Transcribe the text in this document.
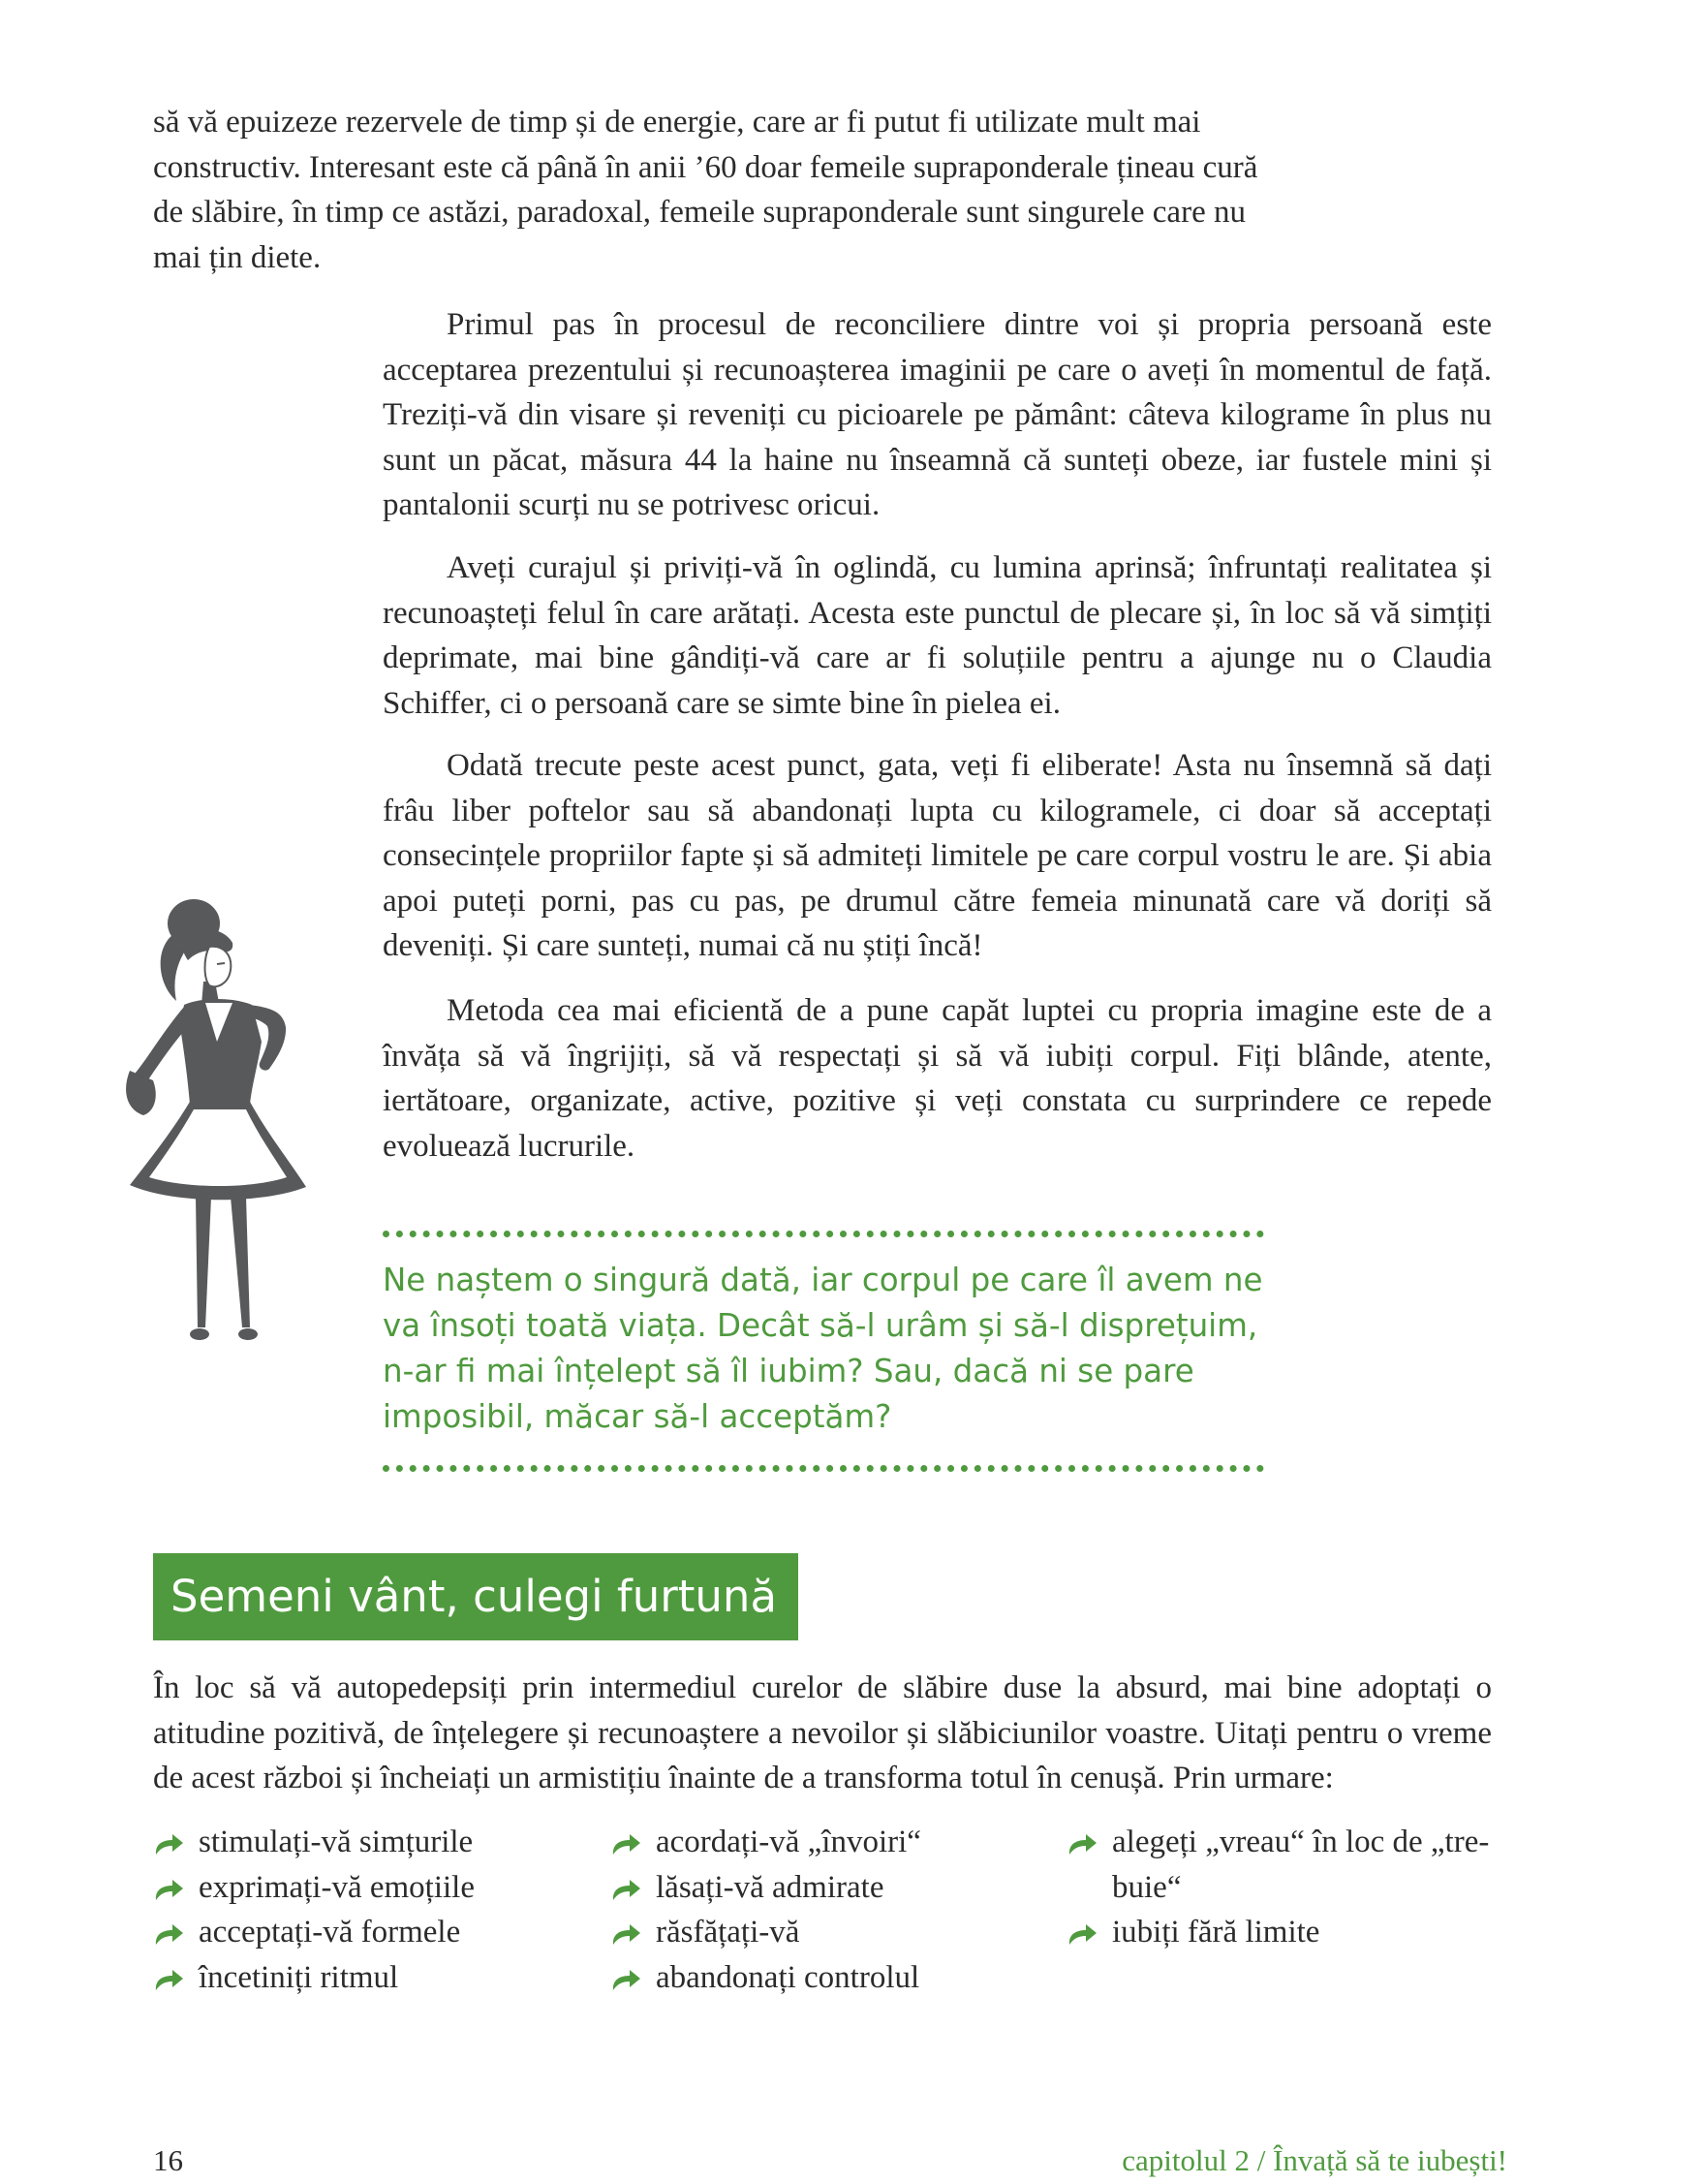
să vă epuizeze rezervele de timp și de energie, care ar fi putut fi utilizate mult mai constructiv. Interesant este că până în anii ’60 doar femeile supraponderale țineau cură de slăbire, în timp ce astăzi, paradoxal, femeile supraponderale sunt singurele care nu mai țin diete.

Primul pas în procesul de reconciliere dintre voi și propria persoană este acceptarea prezentului și recunoașterea imaginii pe care o aveți în momentul de față. Treziți-vă din visare și reveniți cu picioarele pe pământ: câteva kilograme în plus nu sunt un păcat, măsura 44 la haine nu înseamnă că sunteți obeze, iar fustele mini și pantalonii scurți nu se potrivesc oricui.

Aveți curajul și priviți-vă în oglindă, cu lumina aprinsă; înfruntați realitatea și recunoașteți felul în care arătați. Acesta este punctul de plecare și, în loc să vă simțiți deprimate, mai bine gândiți-vă care ar fi soluțiile pentru a ajunge nu o Claudia Schiffer, ci o persoană care se simte bine în pielea ei.

Odată trecute peste acest punct, gata, veți fi eliberate! Asta nu însemnă să dați frâu liber poftelor sau să abandonați lupta cu kilogramele, ci doar să acceptați consecințele propriilor fapte și să admiteți limitele pe care corpul vostru le are. Și abia apoi puteți porni, pas cu pas, pe drumul către femeia minunată care vă doriți să deveniți. Și care sunteți, numai că nu știți încă!

Metoda cea mai eficientă de a pune capăt luptei cu propria imagine este de a învăța să vă îngrijiți, să vă respectați și să vă iubiți corpul. Fiți blânde, atente, iertătoare, organizate, active, pozitive și veți constata cu surprindere ce repede evoluează lucrurile.

Ne naștem o singură dată, iar corpul pe care îl avem ne va însoți toată viața. Decât să-l urâm și să-l disprețuim, n-ar fi mai înțelept să îl iubim? Sau, dacă ni se pare imposibil, măcar să-l acceptăm?

Semeni vânt, culegi furtună

În loc să vă autopedepsiți prin intermediul curelor de slăbire duse la absurd, mai bine adoptați o atitudine pozitivă, de înțelegere și recunoaștere a nevoilor și slăbiciunilor voastre. Uitați pentru o vreme de acest război și încheiați un armistițiu înainte de a transforma totul în cenușă. Prin urmare:

stimulați-vă simțurile
exprimați-vă emoțiile
acceptați-vă formele
încetiniți ritmul
acordați-vă „învoiri“
lăsați-vă admirate
răsfățați-vă
abandonați controlul
alegeți „vreau“ în loc de „tre-buie“
iubiți fără limite
16	capitolul 2 / Învață să te iubești!
